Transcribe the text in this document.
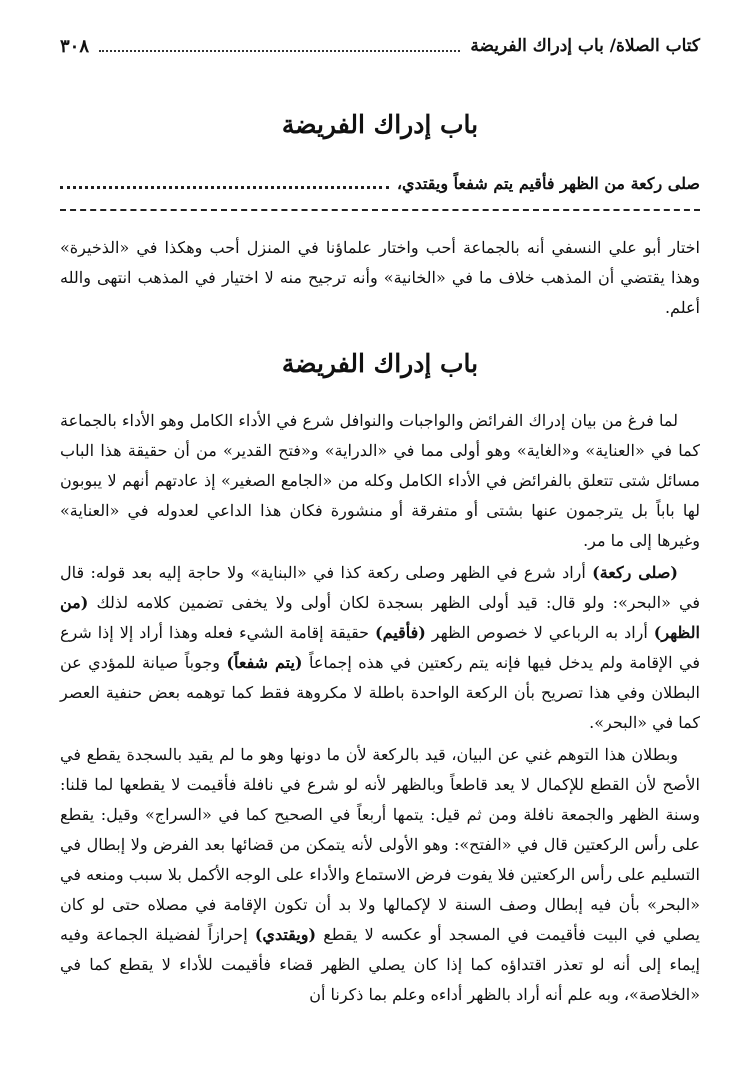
كتاب الصلاة/ باب إدراك الفريضة
٣٠٨
باب إدراك الفريضة
صلى ركعة من الظهر فأقيم يتم شفعاً ويقتدي،

اختار أبو علي النسفي أنه بالجماعة أحب واختار علماؤنا في المنزل أحب وهكذا في «الذخيرة» وهذا يقتضي أن المذهب خلاف ما في «الخانية» وأنه ترجيح منه لا اختيار في المذهب انتهى والله أعلم.

باب إدراك الفريضة

لما فرغ من بيان إدراك الفرائض والواجبات والنوافل شرع في الأداء الكامل وهو الأداء بالجماعة كما في «العناية» و«الغاية» وهو أولى مما في «الدراية» و«فتح القدير» من أن حقيقة هذا الباب مسائل شتى تتعلق بالفرائض في الأداء الكامل وكله من «الجامع الصغير» إذ عادتهم أنهم لا يبوبون لها باباً بل يترجمون عنها بشتى أو متفرقة أو منشورة فكان هذا الداعي لعدوله في «العناية» وغيرها إلى ما مر.

(صلى ركعة) أراد شرع في الظهر وصلى ركعة كذا في «البناية» ولا حاجة إليه بعد قوله: قال في «البحر»: ولو قال: قيد أولى الظهر بسجدة لكان أولى ولا يخفى تضمين كلامه لذلك (من الظهر) أراد به الرباعي لا خصوص الظهر (فأقيم) حقيقة إقامة الشيء فعله وهذا أراد إلا إذا شرع في الإقامة ولم يدخل فيها فإنه يتم ركعتين في هذه إجماعاً (يتم شفعاً) وجوباً صيانة للمؤدي عن البطلان وفي هذا تصريح بأن الركعة الواحدة باطلة لا مكروهة فقط كما توهمه بعض حنفية العصر كما في «البحر».

وبطلان هذا التوهم غني عن البيان، قيد بالركعة لأن ما دونها وهو ما لم يقيد بالسجدة يقطع في الأصح لأن القطع للإكمال لا يعد قاطعاً وبالظهر لأنه لو شرع في نافلة فأقيمت لا يقطعها لما قلنا: وسنة الظهر والجمعة نافلة ومن ثم قيل: يتمها أربعاً في الصحيح كما في «السراج» وقيل: يقطع على رأس الركعتين قال في «الفتح»: وهو الأولى لأنه يتمكن من قضائها بعد الفرض ولا إبطال في التسليم على رأس الركعتين فلا يفوت فرض الاستماع والأداء على الوجه الأكمل بلا سبب ومنعه في «البحر» بأن فيه إبطال وصف السنة لا لإكمالها ولا بد أن تكون الإقامة في مصلاه حتى لو كان يصلي في البيت فأقيمت في المسجد أو عكسه لا يقطع (ويقتدي) إحرازاً لفضيلة الجماعة وفيه إيماء إلى أنه لو تعذر اقتداؤه كما إذا كان يصلي الظهر قضاء فأقيمت للأداء لا يقطع كما في «الخلاصة»، وبه علم أنه أراد بالظهر أداءه وعلم بما ذكرنا أن
